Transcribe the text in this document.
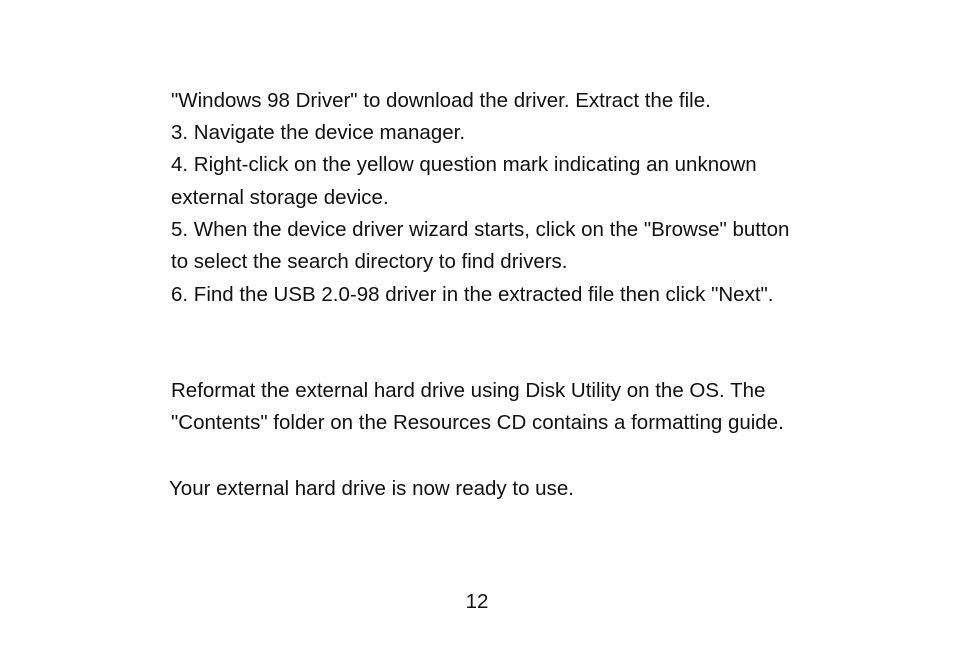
"Windows 98 Driver" to download the driver. Extract the file.

3. Navigate the device manager.

4. Right-click on the yellow question mark indicating an unknown

external storage device.

5. When the device driver wizard starts, click on the "Browse" button

to select the search directory to find drivers.

6. Find the USB 2.0-98 driver in the extracted file then click "Next".

Reformat the external hard drive using Disk Utility on the OS. The

"Contents" folder on the Resources CD contains a formatting guide.

Your external hard drive is now ready to use.

12
